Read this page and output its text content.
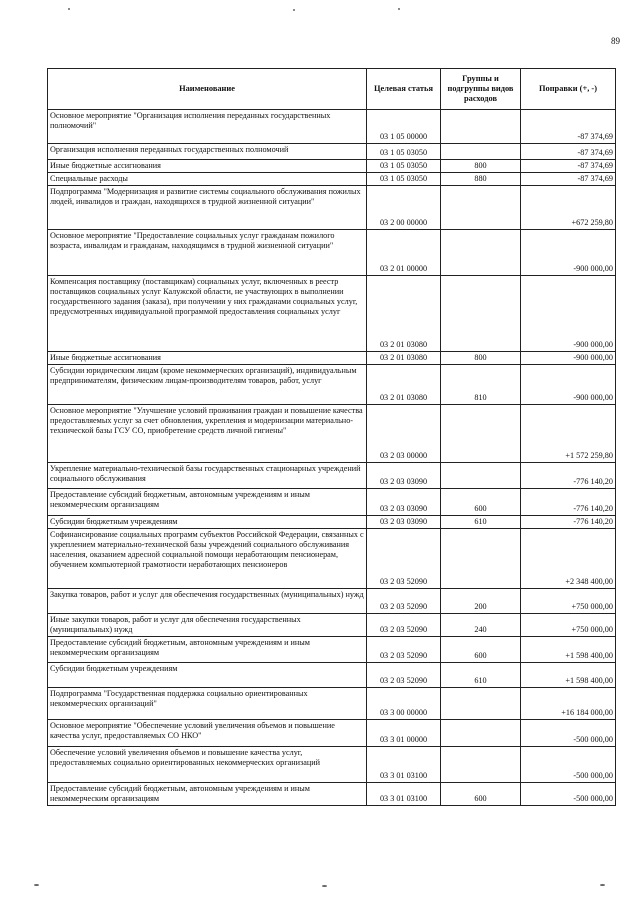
89
Наименование	Целевая статья	Группы и подгруппы видов расходов	Поправки (+, -)
Основное мероприятие "Организация исполнения переданных государственных полномочий"	03 1 05 00000		-87 374,69
Организация исполнения переданных государственных полномочий	03 1 05 03050		-87 374,69
Иные бюджетные ассигнования	03 1 05 03050	800	-87 374,69
Специальные расходы	03 1 05 03050	880	-87 374,69
Подпрограмма "Модернизация и развитие системы социального обслуживания пожилых людей, инвалидов и граждан, находящихся в трудной жизненной ситуации"	03 2 00 00000		+672 259,80
Основное мероприятие "Предоставление социальных услуг гражданам пожилого возраста, инвалидам и гражданам, находящимся в трудной жизненной ситуации"	03 2 01 00000		-900 000,00
Компенсация поставщику (поставщикам) социальных услуг, включенных в реестр поставщиков социальных услуг Калужской области, не участвующих в выполнении государственного задания (заказа), при получении у них гражданами социальных услуг, предусмотренных индивидуальной программой предоставления социальных услуг	03 2 01 03080		-900 000,00
Иные бюджетные ассигнования	03 2 01 03080	800	-900 000,00
Субсидии юридическим лицам (кроме некоммерческих организаций), индивидуальным предпринимателям, физическим лицам-производителям товаров, работ, услуг	03 2 01 03080	810	-900 000,00
Основное мероприятие "Улучшение условий проживания граждан и повышение качества предоставляемых услуг за счет обновления, укрепления и модернизации материально-технической базы ГСУ СО, приобретение средств личной гигиены"	03 2 03 00000		+1 572 259,80
Укрепление материально-технической базы государственных стационарных учреждений социального обслуживания	03 2 03 03090		-776 140,20
Предоставление субсидий бюджетным, автономным учреждениям и иным некоммерческим организациям	03 2 03 03090	600	-776 140,20
Субсидии бюджетным учреждениям	03 2 03 03090	610	-776 140,20
Софинансирование социальных программ субъектов Российской Федерации, связанных с укреплением материально-технической базы учреждений социального обслуживания населения, оказанием адресной социальной помощи неработающим пенсионерам, обучением компьютерной грамотности неработающих пенсионеров	03 2 03 52090		+2 348 400,00
Закупка товаров, работ и услуг для обеспечения государственных (муниципальных) нужд	03 2 03 52090	200	+750 000,00
Иные закупки товаров, работ и услуг для обеспечения государственных (муниципальных) нужд	03 2 03 52090	240	+750 000,00
Предоставление субсидий бюджетным, автономным учреждениям и иным некоммерческим организациям	03 2 03 52090	600	+1 598 400,00
Субсидии бюджетным учреждениям	03 2 03 52090	610	+1 598 400,00
Подпрограмма "Государственная поддержка социально ориентированных некоммерческих организаций"	03 3 00 00000		+16 184 000,00
Основное мероприятие "Обеспечение условий увеличения объемов и повышение качества услуг, предоставляемых СО НКО"	03 3 01 00000		-500 000,00
Обеспечение условий увеличения объемов и повышение качества услуг, предоставляемых социально ориентированных некоммерческих организаций	03 3 01 03100		-500 000,00
Предоставление субсидий бюджетным, автономным учреждениям и иным некоммерческим организациям	03 3 01 03100	600	-500 000,00
